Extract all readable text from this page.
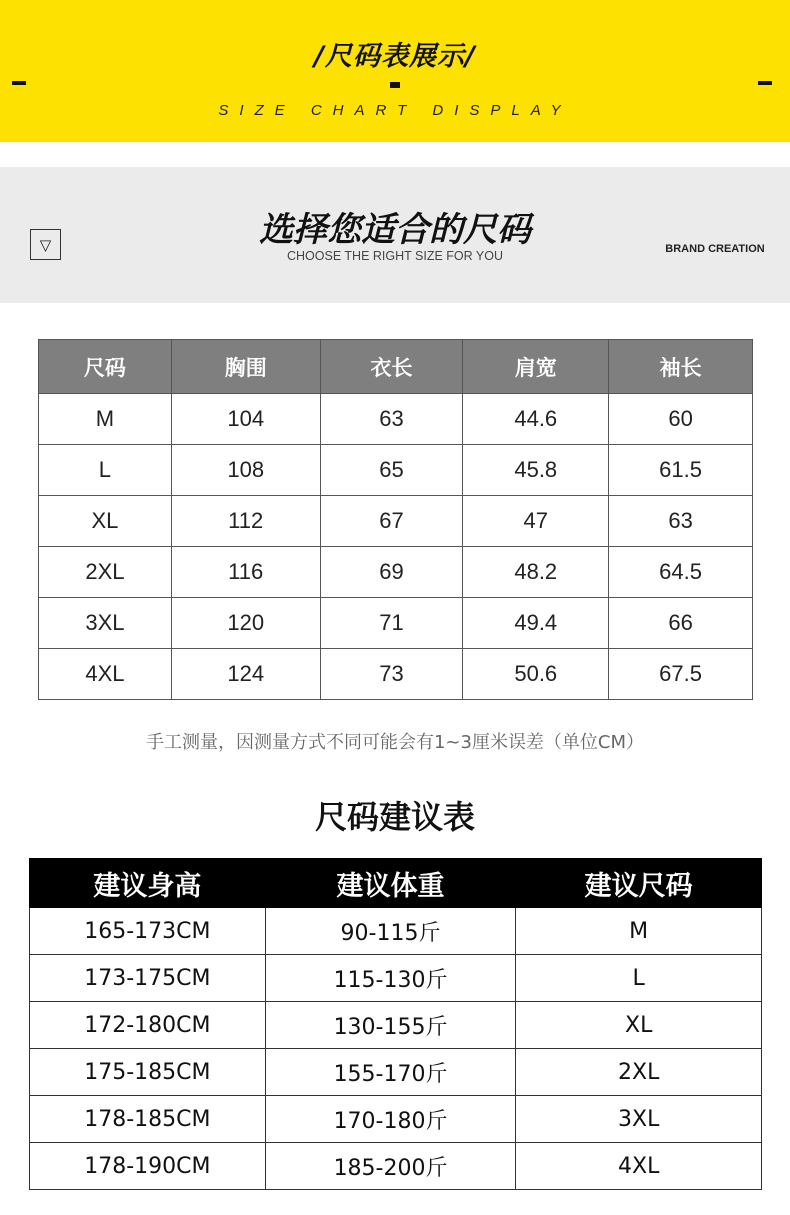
/尺码表展示/
SIZE CHART DISPLAY
▽	选择您适合的尺码
CHOOSE THE RIGHT SIZE FOR YOU	BRAND CREATION
尺码	胸围	衣长	肩宽	袖长
M	104	63	44.6	60
L	108	65	45.8	61.5
XL	112	67	47	63
2XL	116	69	48.2	64.5
3XL	120	71	49.4	66
4XL	124	73	50.6	67.5
手工测量，因测量方式不同可能会有1~3厘米误差（单位CM）
尺码建议表
建议身高	建议体重	建议尺码
165-173CM	90-115斤	M
173-175CM	115-130斤	L
172-180CM	130-155斤	XL
175-185CM	155-170斤	2XL
178-185CM	170-180斤	3XL
178-190CM	185-200斤	4XL
